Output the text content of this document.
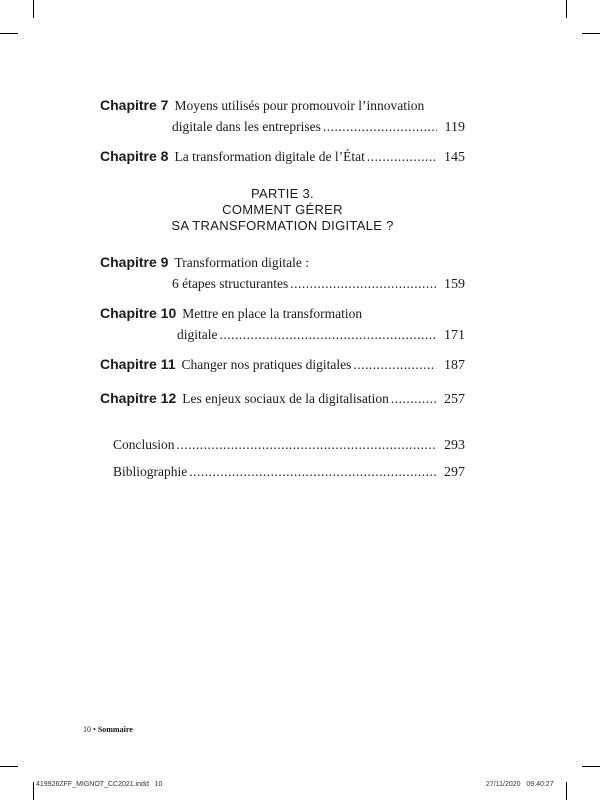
Chapitre 7 Moyens utilisés pour promouvoir l’innovation
digitale dans les entreprises .....	119
Chapitre 8 La transformation digitale de l’État .....	145
PARTIE 3.
COMMENT GÉRER
SA TRANSFORMATION DIGITALE ?
Chapitre 9 Transformation digitale :
6 étapes structurantes .....	159
Chapitre 10 Mettre en place la transformation
digitale .....	171
Chapitre 11 Changer nos pratiques digitales .....	187
Chapitre 12 Les enjeux sociaux de la digitalisation .....	257
Conclusion .....	293
Bibliographie .....	297
10 • Sommaire
419926ZFF_MIGNOT_CC2021.indd   10	27/11/2020   09:40:27
